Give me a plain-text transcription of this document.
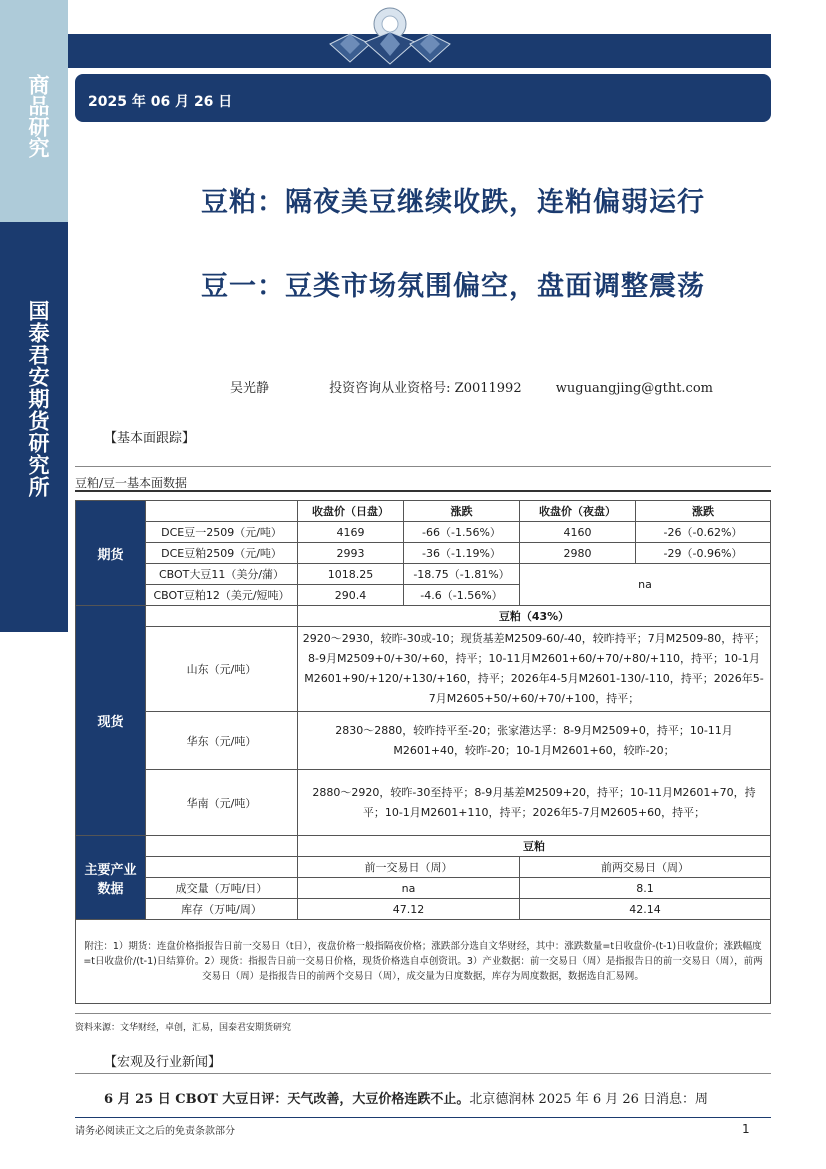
商品研究
国泰君安期货研究所
2025 年 06 月 26 日
豆粕：隔夜美豆继续收跌，连粕偏弱运行
豆一：豆类市场氛围偏空，盘面调整震荡
吴光静	投资咨询从业资格号: Z0011992	wuguangjing@gtht.com
【基本面跟踪】
豆粕/豆一基本面数据
期货		收盘价（日盘）	涨跌	收盘价（夜盘）	涨跌
	DCE豆一2509（元/吨）	4169	-66（-1.56%）	4160	-26（-0.62%）
	DCE豆粕2509（元/吨）	2993	-36（-1.19%）	2980	-29（-0.96%）
	CBOT大豆11（美分/蒲）	1018.25	-18.75（-1.81%）	na	
	CBOT豆粕12（美元/短吨）	290.4	-4.6（-1.56%）		
现货		豆粕（43%）			
	山东（元/吨）	2920～2930，较昨-30或-10；现货基差M2509-60/-40，较昨持平；7月M2509-80，持平；8-9月M2509+0/+30/+60，持平；10-11月M2601+60/+70/+80/+110，持平；10-1月M2601+90/+120/+130/+160，持平；2026年4-5月M2601-130/-110，持平；2026年5-7月M2605+50/+60/+70/+100，持平；			
	华东（元/吨）	2830～2880，较昨持平至-20；张家港达孚：8-9月M2509+0，持平；10-11月M2601+40，较昨-20；10-1月M2601+60，较昨-20；			
	华南（元/吨）	2880～2920，较昨-30至持平；8-9月基差M2509+20，持平；10-11月M2601+70，持平；10-1月M2601+110，持平；2026年5-7月M2605+60，持平；			
主要产业数据		豆粕			
		前一交易日（周）		前两交易日（周）	
	成交量（万吨/日）	na		8.1	
	库存（万吨/周）	47.12		42.14	
附注：1）期货：连盘价格指报告日前一交易日（t日），夜盘价格一般指隔夜价格；涨跌部分选自文华财经，其中：涨跌数量=t日收盘价-(t-1)日收盘价；涨跌幅度=t日收盘价/(t-1)日结算价。2）现货：指报告日前一交易日价格，现货价格选自卓创资讯。3）产业数据：前一交易日（周）是指报告日的前一交易日（周），前两交易日（周）是指报告日的前两个交易日（周），成交量为日度数据，库存为周度数据，数据选自汇易网。					
资料来源：文华财经，卓创，汇易，国泰君安期货研究
【宏观及行业新闻】
6 月 25 日 CBOT 大豆日评：天气改善，大豆价格连跌不止。北京德润林 2025 年 6 月 26 日消息：周
请务必阅读正文之后的免责条款部分	1
